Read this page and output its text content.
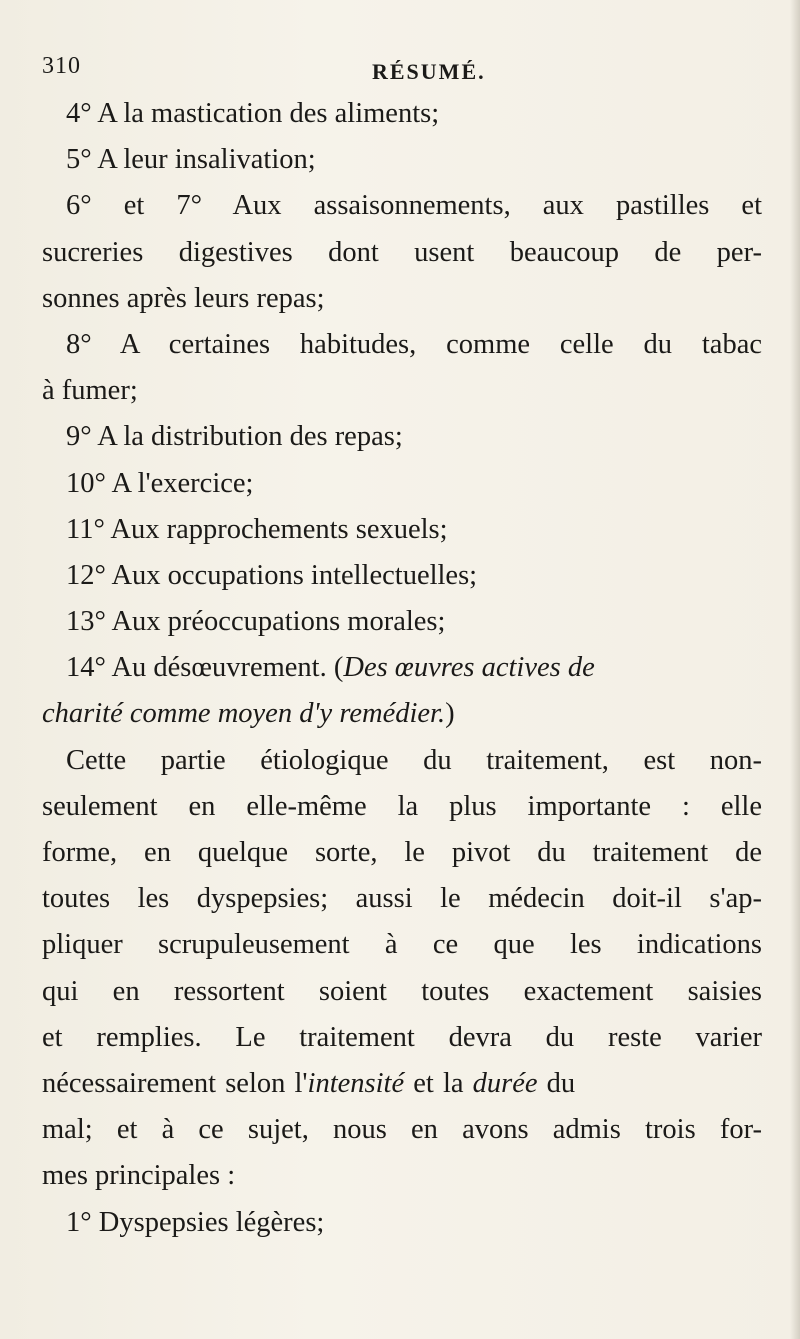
310	RÉSUMÉ.
4° A la mastication des aliments;
5° A leur insalivation;
6° et 7° Aux assaisonnements, aux pastilles et
sucreries digestives dont usent beaucoup de per-
sonnes après leurs repas;
8° A certaines habitudes, comme celle du tabac
à fumer;
9° A la distribution des repas;
10° A l'exercice;
11° Aux rapprochements sexuels;
12° Aux occupations intellectuelles;
13° Aux préoccupations morales;
14° Au désœuvrement. (Des œuvres actives de
charité comme moyen d'y remédier.)
Cette partie étiologique du traitement, est non-
seulement en elle-même la plus importante : elle
forme, en quelque sorte, le pivot du traitement de
toutes les dyspepsies; aussi le médecin doit-il s'ap-
pliquer scrupuleusement à ce que les indications
qui en ressortent soient toutes exactement saisies
et remplies. Le traitement devra du reste varier
nécessairement selon l'intensité et la durée du
mal; et à ce sujet, nous en avons admis trois for-
mes principales :
1° Dyspepsies légères;
